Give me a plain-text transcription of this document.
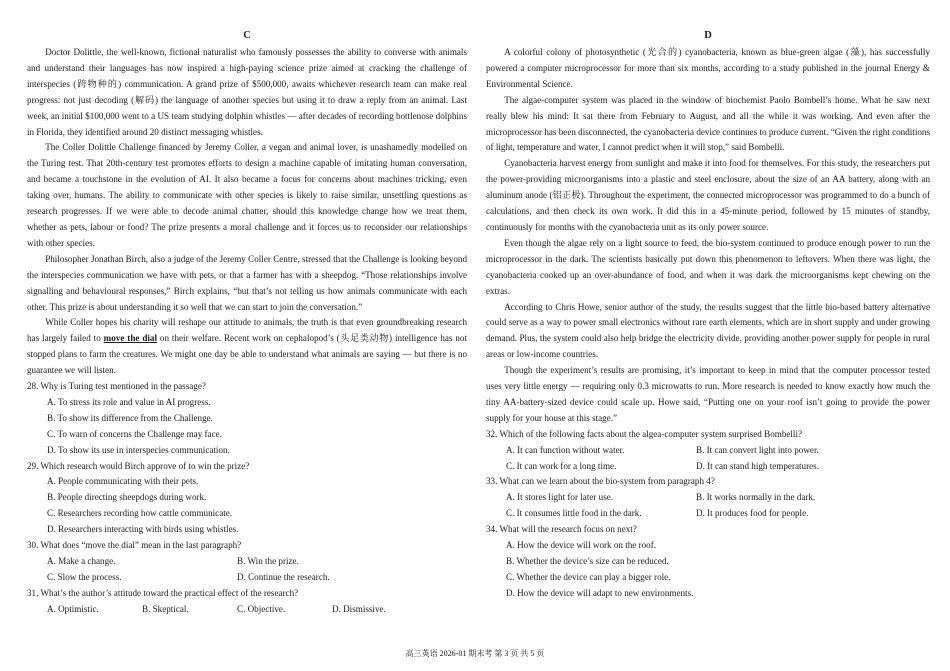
C

Doctor Dolittle, the well-known, fictional naturalist who famously possesses the ability to converse with animals and understand their languages has now inspired a high-paying science prize aimed at cracking the challenge of interspecies (跨物种的) communication. A grand prize of $500,000, awaits whichever research team can make real progress: not just decoding (解码) the language of another species but using it to draw a reply from an animal. Last week, an initial $100,000 went to a US team studying dolphin whistles — after decades of recording bottlenose dolphins in Florida, they identified around 20 distinct messaging whistles.

The Coller Dolittle Challenge financed by Jeremy Coller, a vegan and animal lover, is unashamedly modelled on the Turing test. That 20th-century test promotes efforts to design a machine capable of imitating human conversation, and became a touchstone in the evolution of AI. It also became a focus for concerns about machines tricking, even taking over, humans. The ability to communicate with other species is likely to raise similar, unsettling questions as research progresses. If we were able to decode animal chatter, should this knowledge change how we treat them, whether as pets, labour or food? The prize presents a moral challenge and it forces us to reconsider our relationships with other species.

Philosopher Jonathan Birch, also a judge of the Jeremy Coller Centre, stressed that the Challenge is looking beyond the interspecies communication we have with pets, or that a farmer has with a sheepdog. “Those relationships involve signalling and behavioural responses,” Birch explains, “but that’s not telling us how animals communicate with each other. This prize is about understanding it so well that we can start to join the conversation.”

While Coller hopes his charity will reshape our attitude to animals, the truth is that even groundbreaking research has largely failed to move the dial on their welfare. Recent work on cephalopod’s (头足类动物) intelligence has not stopped plans to farm the creatures. We might one day be able to understand what animals are saying — but there is no guarantee we will listen.

28. Why is Turing test mentioned in the passage?

A. To stress its role and value in AI progress.

B. To show its difference from the Challenge.

C. To warn of concerns the Challenge may face.

D. To show its use in interspecies communication.

29. Which research would Birch approve of to win the prize?

A. People communicating with their pets.

B. People directing sheepdogs during work.

C. Researchers recording how cattle communicate.

D. Researchers interacting with birds using whistles.

30. What does “move the dial” mean in the last paragraph?

A. Make a change.	B. Win the prize.
C. Slow the process.	D. Continue the research.

31. What’s the author’s attitude toward the practical effect of the research?

A. Optimistic.	B. Skeptical.	C. Objective.	D. Dismissive.

D

A colorful colony of photosynthetic (光合的) cyanobacteria, known as blue-green algae (藻), has successfully powered a computer microprocessor for more than six months, according to a study published in the journal Energy & Environmental Science.

The algae-computer system was placed in the window of biochemist Paolo Bombell’s home. What he saw next really blew his mind: It sat there from February to August, and all the while it was working. And even after the microprocessor has been disconnected, the cyanobacteria device continues to produce current. “Given the right conditions of light, temperature and water, I cannot predict when it will stop,” said Bombelli.

Cyanobacteria harvest energy from sunlight and make it into food for themselves. For this study, the researchers put the power-providing microorganisms into a plastic and steel enclosure, about the size of an AA battery, along with an aluminum anode (铝正极). Throughout the experiment, the connected microprocessor was programmed to do a bunch of calculations, and then check its own work. It did this in a 45-minute period, followed by 15 minutes of standby, continuously for months with the cyanobacteria unit as its only power source.

Even though the algae rely on a light source to feed, the bio-system continued to produce enough power to run the microprocessor in the dark. The scientists basically put down this phenomenon to leftovers. When there was light, the cyanobacteria cooked up an over-abundance of food, and when it was dark the microorganisms kept chewing on the extras.

According to Chris Howe, senior author of the study, the results suggest that the little bio-based battery alternative could serve as a way to power small electronics without rare earth elements, which are in short supply and under growing demand. Plus, the system could also help bridge the electricity divide, providing another power supply for people in rural areas or low-income countries.

Though the experiment’s results are promising, it’s important to keep in mind that the computer processor tested uses very little energy — requiring only 0.3 microwatts to run. More research is needed to know exactly how much the tiny AA-battery-sized device could scale up. Howe said, “Putting one on your roof isn’t going to provide the power supply for your house at this stage.”

32. Which of the following facts about the algea-computer system surprised Bombelli?

A. It can function without water.	B. It can convert light into power.
C. It can work for a long time.	D. It can stand high temperatures.

33. What can we learn about the bio-system from paragraph 4?

A. It stores light for later use.	B. It works normally in the dark.
C. It consumes little food in the dark.	D. It produces food for people.

34. What will the research focus on next?

A. How the device will work on the roof.

B. Whether the device’s size can be reduced.

C. Whether the device can play a bigger role.

D. How the device will adapt to new environments.

高三英语 2026-01 期末考 第 3 页 共 5 页
